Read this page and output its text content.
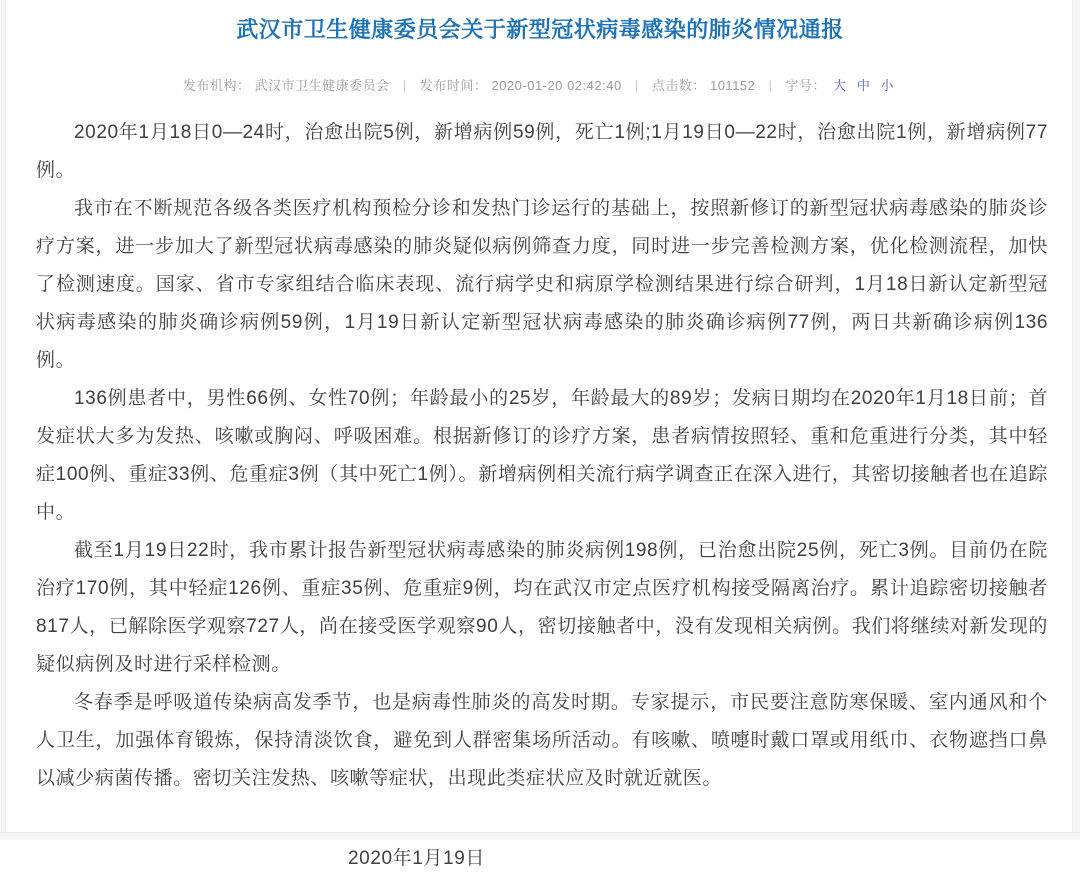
武汉市卫生健康委员会关于新型冠状病毒感染的肺炎情况通报
发布机构： 武汉市卫生健康委员会 | 发布时间： 2020-01-20 02:42:40 | 点击数： 101152 | 字号： 大 中 小

2020年1月18日0—24时，治愈出院5例，新增病例59例，死亡1例;1月19日0—22时，治愈出院1例，新增病例77例。

我市在不断规范各级各类医疗机构预检分诊和发热门诊运行的基础上，按照新修订的新型冠状病毒感染的肺炎诊疗方案，进一步加大了新型冠状病毒感染的肺炎疑似病例筛查力度，同时进一步完善检测方案，优化检测流程，加快了检测速度。国家、省市专家组结合临床表现、流行病学史和病原学检测结果进行综合研判，1月18日新认定新型冠状病毒感染的肺炎确诊病例59例，1月19日新认定新型冠状病毒感染的肺炎确诊病例77例，两日共新确诊病例136例。

136例患者中，男性66例、女性70例；年龄最小的25岁，年龄最大的89岁；发病日期均在2020年1月18日前；首发症状大多为发热、咳嗽或胸闷、呼吸困难。根据新修订的诊疗方案，患者病情按照轻、重和危重进行分类，其中轻症100例、重症33例、危重症3例（其中死亡1例）。新增病例相关流行病学调查正在深入进行，其密切接触者也在追踪中。

截至1月19日22时，我市累计报告新型冠状病毒感染的肺炎病例198例，已治愈出院25例，死亡3例。目前仍在院治疗170例，其中轻症126例、重症35例、危重症9例，均在武汉市定点医疗机构接受隔离治疗。累计追踪密切接触者817人，已解除医学观察727人，尚在接受医学观察90人，密切接触者中，没有发现相关病例。我们将继续对新发现的疑似病例及时进行采样检测。

冬春季是呼吸道传染病高发季节，也是病毒性肺炎的高发时期。专家提示，市民要注意防寒保暖、室内通风和个人卫生，加强体育锻炼，保持清淡饮食，避免到人群密集场所活动。有咳嗽、喷嚏时戴口罩或用纸巾、衣物遮挡口鼻以减少病菌传播。密切关注发热、咳嗽等症状，出现此类症状应及时就近就医。

2020年1月19日
